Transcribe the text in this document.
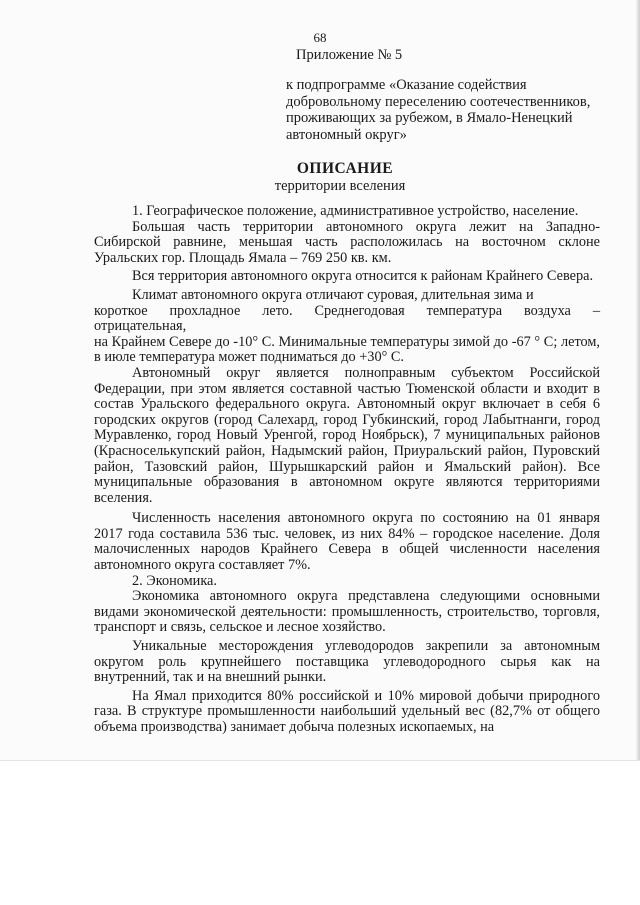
68
Приложение № 5
к подпрограмме «Оказание содействия
добровольному переселению соотечественников,
проживающих за рубежом, в Ямало-Ненецкий
автономный округ»
ОПИСАНИЕ
территории вселения

1. Географическое положение, административное устройство, население.

Большая часть территории автономного округа лежит на Западно-Сибирской равнине, меньшая часть расположилась на восточном склоне Уральских гор. Площадь Ямала – 769 250 кв. км.

Вся территория автономного округа относится к районам Крайнего Севера.

Климат автономного округа отличают суровая, длительная зима и

короткое прохладное лето. Среднегодовая температура воздуха –

отрицательная,

на Крайнем Севере до -10° С. Минимальные температуры зимой до -67 ° С; летом, в июле температура может подниматься до +30° С.

Автономный округ является полноправным субъектом Российской Федерации, при этом является составной частью Тюменской области и входит в состав Уральского федерального округа. Автономный округ включает в себя 6 городских округов (город Салехард, город Губкинский, город Лабытнанги, город Муравленко, город Новый Уренгой, город Ноябрьск), 7 муниципальных районов (Красноселькупский район, Надымский район, Приуральский район, Пуровский район, Тазовский район, Шурышкарский район и Ямальский район). Все муниципальные образования в автономном округе являются территориями вселения.

Численность населения автономного округа по состоянию на 01 января 2017 года составила 536 тыс. человек, из них 84% – городское население. Доля малочисленных народов Крайнего Севера в общей численности населения автономного округа составляет 7%.

2. Экономика.

Экономика автономного округа представлена следующими основными видами экономической деятельности: промышленность, строительство, торговля, транспорт и связь, сельское и лесное хозяйство.

Уникальные месторождения углеводородов закрепили за автономным округом роль крупнейшего поставщика углеводородного сырья как на внутренний, так и на внешний рынки.

На Ямал приходится 80% российской и 10% мировой добычи природного газа. В структуре промышленности наибольший удельный вес (82,7% от общего объема производства) занимает добыча полезных ископаемых, на
